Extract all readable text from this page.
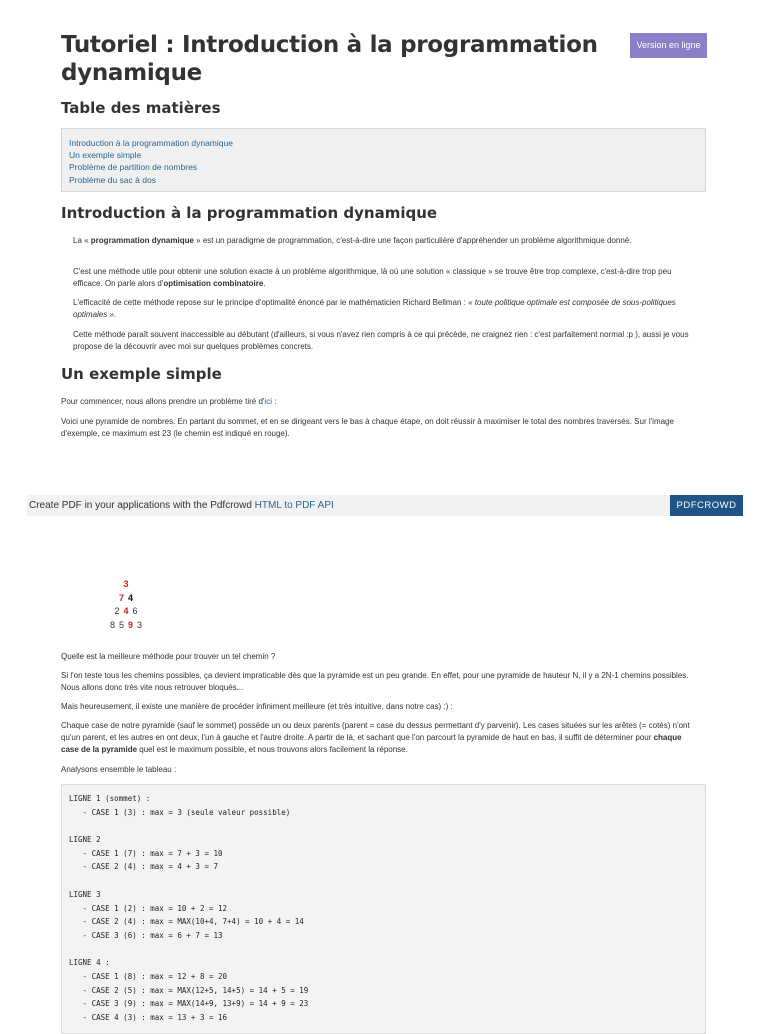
Tutoriel : Introduction à la programmation dynamique
Version en ligne
Table des matières
Introduction à la programmation dynamique
Un exemple simple
Problème de partition de nombres
Problème du sac à dos
Introduction à la programmation dynamique

La « programmation dynamique » est un paradigme de programmation, c'est-à-dire une façon particulière d'appréhender un problème algorithmique donné.

C'est une méthode utile pour obtenir une solution exacte à un problème algorithmique, là où une solution « classique » se trouve être trop complexe, c'est-à-dire trop peu efficace. On parle alors d'optimisation combinatoire.

L'efficacité de cette méthode repose sur le principe d'optimalité énoncé par le mathématicien Richard Bellman : « toute politique optimale est composée de sous-politiques optimales ».

Cette méthode paraît souvent inaccessible au débutant (d'ailleurs, si vous n'avez rien compris à ce qui précède, ne craignez rien : c'est parfaitement normal :p ), aussi je vous propose de la découvrir avec moi sur quelques problèmes concrets.

Un exemple simple

Pour commencer, nous allons prendre un problème tiré d'ici :

Voici une pyramide de nombres. En partant du sommet, et en se dirigeant vers le bas à chaque étape, on doit réussir à maximiser le total des nombres traversés. Sur l'image d'exemple, ce maximum est 23 (le chemin est indiqué en rouge).

Create PDF in your applications with the Pdfcrowd HTML to PDF API	PDFCROWD
3
7 4
2 4 6
8 5 9 3

Quelle est la meilleure méthode pour trouver un tel chemin ?

Si l'on teste tous les chemins possibles, ça devient impraticable dès que la pyramide est un peu grande. En effet, pour une pyramide de hauteur N, il y a 2N-1 chemins possibles. Nous allons donc très vite nous retrouver bloqués...

Mais heureusement, il existe une manière de procéder infiniment meilleure (et très intuitive, dans notre cas) :) :

Chaque case de notre pyramide (sauf le sommet) possède un ou deux parents (parent = case du dessus permettant d'y parvenir). Les cases situées sur les arêtes (= cotés) n'ont qu'un parent, et les autres en ont deux, l'un à gauche et l'autre droite. A partir de là, et sachant que l'on parcourt la pyramide de haut en bas, il suffit de déterminer pour chaque case de la pyramide quel est le maximum possible, et nous trouvons alors facilement la réponse.

Analysons ensemble le tableau :

LIGNE 1 (sommet) :
- CASE 1 (3) : max = 3 (seule valeur possible)
LIGNE 2
- CASE 1 (7) : max = 7 + 3 = 10
- CASE 2 (4) : max = 4 + 3 = 7
LIGNE 3
- CASE 1 (2) : max = 10 + 2 = 12
- CASE 2 (4) : max = MAX(10+4, 7+4) = 10 + 4 = 14
- CASE 3 (6) : max = 6 + 7 = 13
LIGNE 4 :
- CASE 1 (8) : max = 12 + 8 = 20
- CASE 2 (5) : max = MAX(12+5, 14+5) = 14 + 5 = 19
- CASE 3 (9) : max = MAX(14+9, 13+9) = 14 + 9 = 23
- CASE 4 (3) : max = 13 + 3 = 16
